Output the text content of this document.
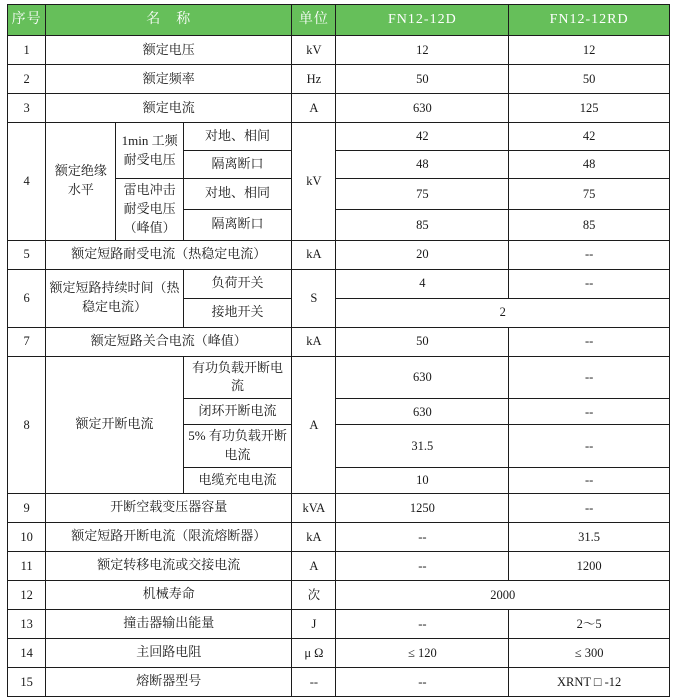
序号	名　称			单位	FN12-12D	FN12-12RD
1	额定电压			kV	12	12
2	额定频率			Hz	50	50
3	额定电流			A	630	125
4	额定绝缘水平	1min 工频耐受电压	对地、相间	kV	42	42
			隔离断口		48	48
		雷电冲击耐受电压（峰值）	对地、相同		75	75
			隔离断口		85	85
5	额定短路耐受电流（热稳定电流）			kA	20	--
6	额定短路持续时间（热稳定电流）		负荷开关	S	4	--
			接地开关		2	
7	额定短路关合电流（峰值）			kA	50	--
8	额定开断电流		有功负载开断电流	A	630	--
			闭环开断电流		630	--
			5% 有功负载开断电流		31.5	--
			电缆充电电流		10	--
9	开断空载变压器容量			kVA	1250	--
10	额定短路开断电流（限流熔断器）			kA	--	31.5
11	额定转移电流或交接电流			A	--	1200
12	机械寿命			次	2000	
13	撞击器输出能量			J	--	2～5
14	主回路电阻			μ Ω	≤ 120	≤ 300
15	熔断器型号			--	--	XRNT □ -12
